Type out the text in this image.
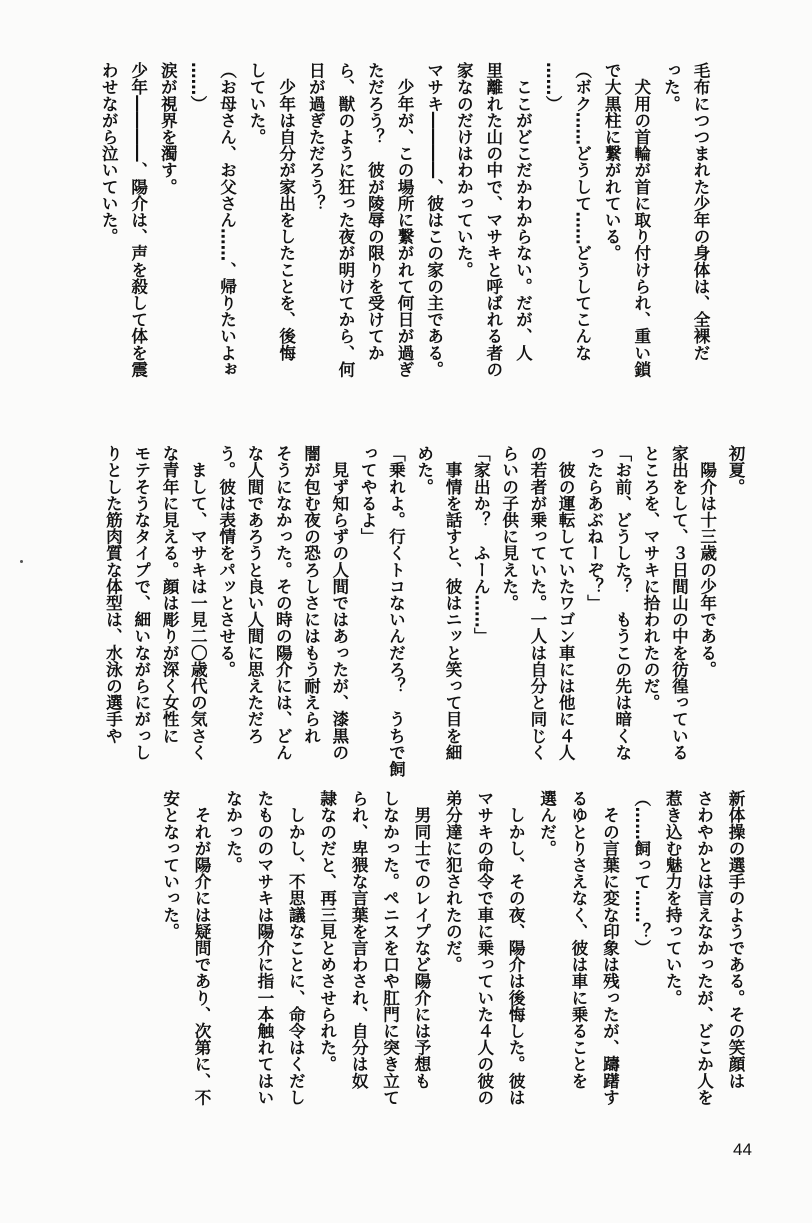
毛布につつまれた少年の身体は、全裸だ
った。
　犬用の首輪が首に取り付けられ、重い鎖
で大黒柱に繋がれている。
（ボク……どうして……どうしてこんな
……）
　ここがどこだかわからない。だが、人
里離れた山の中で、マサキと呼ばれる者の
家なのだけはわかっていた。
マサキ――――、彼はこの家の主である。
　少年が、この場所に繋がれて何日が過ぎ
ただろう？　彼が陵辱の限りを受けてか
ら、獣のように狂った夜が明けてから、何
日が過ぎただろう？
　少年は自分が家出をしたことを、後悔
していた。
（お母さん、お父さん……、帰りたいよぉ
……）
涙が視界を濁す。
少年――――、陽介は、声を殺して体を震
わせながら泣いていた。
初夏。
　陽介は十三歳の少年である。
家出をして、３日間山の中を彷徨っている
ところを、マサキに拾われたのだ。
「お前、どうした？　もうこの先は暗くな
ったらあぶねーぞ？」
　彼の運転していたワゴン車には他に４人
の若者が乗っていた。一人は自分と同じく
らいの子供に見えた。
「家出か？　ふーん……」
　事情を話すと、彼はニッと笑って目を細
めた。
「乗れよ。行くトコないんだろ？　うちで飼
ってやるよ」
　見ず知らずの人間ではあったが、漆黒の
闇が包む夜の恐ろしさにはもう耐えられ
そうになかった。その時の陽介には、どん
な人間であろうと良い人間に思えただろ
う。彼は表情をパッとさせる。
　まして、マサキは一見二〇歳代の気さく
な青年に見える。顔は彫りが深く女性に
モテそうなタイプで、細いながらにがっし
りとした筋肉質な体型は、水泳の選手や
新体操の選手のようである。その笑顔は
さわやかとは言えなかったが、どこか人を
惹き込む魅力を持っていた。
（……飼って……？）
　その言葉に変な印象は残ったが、躊躇す
るゆとりさえなく、彼は車に乗ることを
選んだ。
　しかし、その夜、陽介は後悔した。彼は
マサキの命令で車に乗っていた４人の彼の
弟分達に犯されたのだ。
　男同士でのレイプなど陽介には予想も
しなかった。ペニスを口や肛門に突き立て
られ、卑猥な言葉を言わされ、自分は奴
隷なのだと、再三見とめさせられた。
　しかし、不思議なことに、命令はくだし
たもののマサキは陽介に指一本触れてはい
なかった。
　それが陽介には疑問であり、次第に、不
安となっていった。
44
